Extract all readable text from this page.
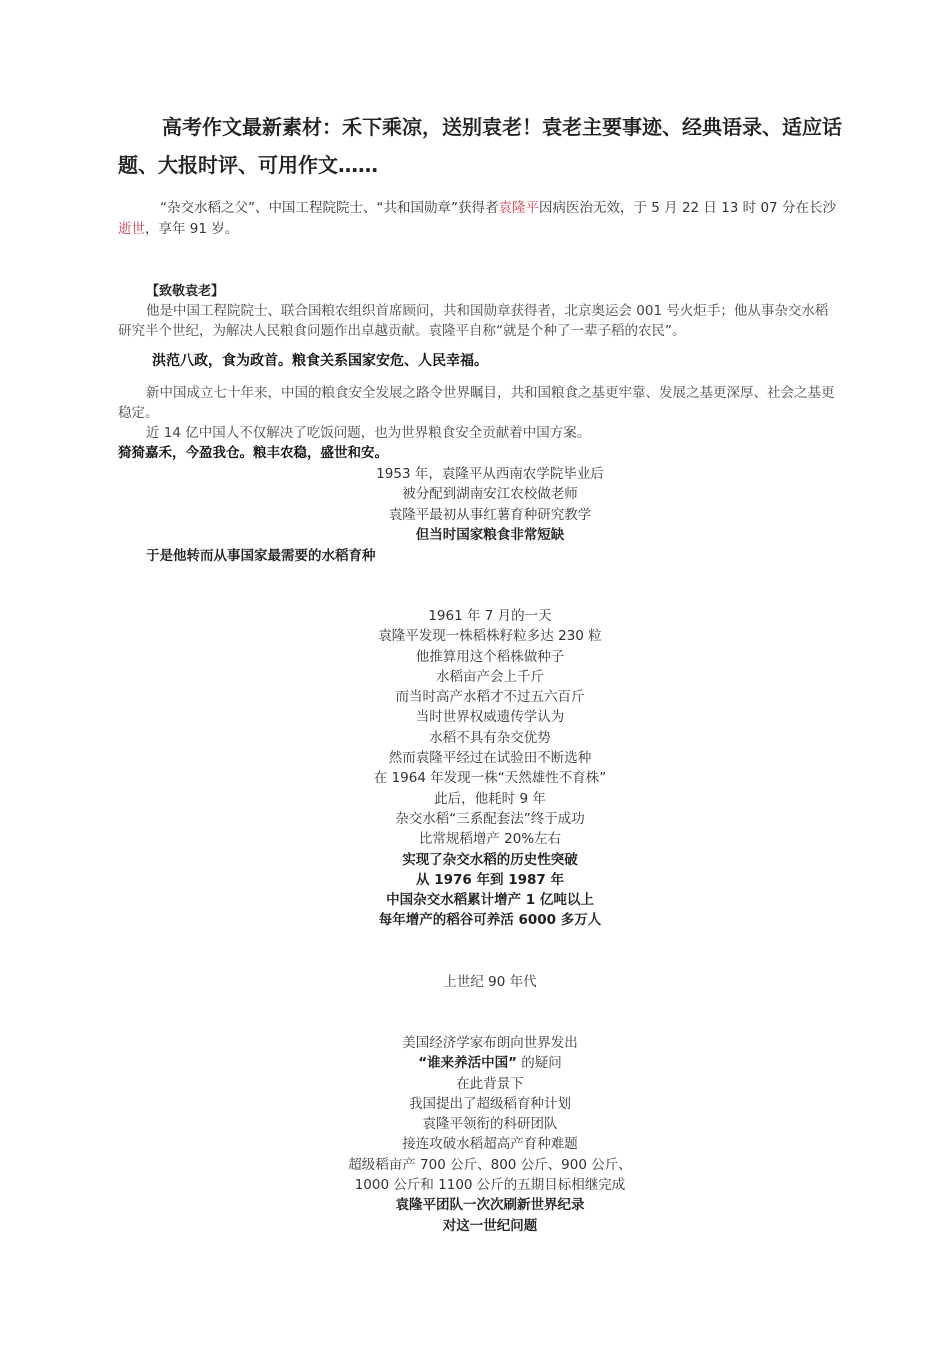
高考作文最新素材：禾下乘凉，送别袁老！袁老主要事迹、经典语录、适应话题、大报时评、可用作文……

“杂交水稻之父”、中国工程院院士、“共和国勋章”获得者袁隆平因病医治无效，于 5 月 22 日 13 时 07 分在长沙逝世，享年 91 岁。

【致敬袁老】

他是中国工程院院士、联合国粮农组织首席顾问，共和国勋章获得者，北京奥运会 001 号火炬手；他从事杂交水稻研究半个世纪，为解决人民粮食问题作出卓越贡献。袁隆平自称“就是个种了一辈子稻的农民”。

洪范八政，食为政首。粮食关系国家安危、人民幸福。

新中国成立七十年来，中国的粮食安全发展之路令世界瞩目，共和国粮食之基更牢靠、发展之基更深厚、社会之基更稳定。

近 14 亿中国人不仅解决了吃饭问题，也为世界粮食安全贡献着中国方案。

猗猗嘉禾，今盈我仓。粮丰农稳，盛世和安。

1953 年，袁隆平从西南农学院毕业后
被分配到湖南安江农校做老师
袁隆平最初从事红薯育种研究教学
但当时国家粮食非常短缺

于是他转而从事国家最需要的水稻育种

1961 年 7 月的一天
袁隆平发现一株稻株籽粒多达 230 粒
他推算用这个稻株做种子
水稻亩产会上千斤
而当时高产水稻才不过五六百斤
当时世界权威遗传学认为
水稻不具有杂交优势
然而袁隆平经过在试验田不断选种
在 1964 年发现一株“天然雄性不育株”
此后，他耗时 9 年
杂交水稻“三系配套法”终于成功
比常规稻增产 20%左右
实现了杂交水稻的历史性突破
从 1976 年到 1987 年
中国杂交水稻累计增产 1 亿吨以上
每年增产的稻谷可养活 6000 多万人
上世纪 90 年代
美国经济学家布朗向世界发出
“谁来养活中国” 的疑问
在此背景下
我国提出了超级稻育种计划
袁隆平领衔的科研团队
接连攻破水稻超高产育种难题
超级稻亩产 700 公斤、800 公斤、900 公斤、
1000 公斤和 1100 公斤的五期目标相继完成
袁隆平团队一次次刷新世界纪录
对这一世纪问题
